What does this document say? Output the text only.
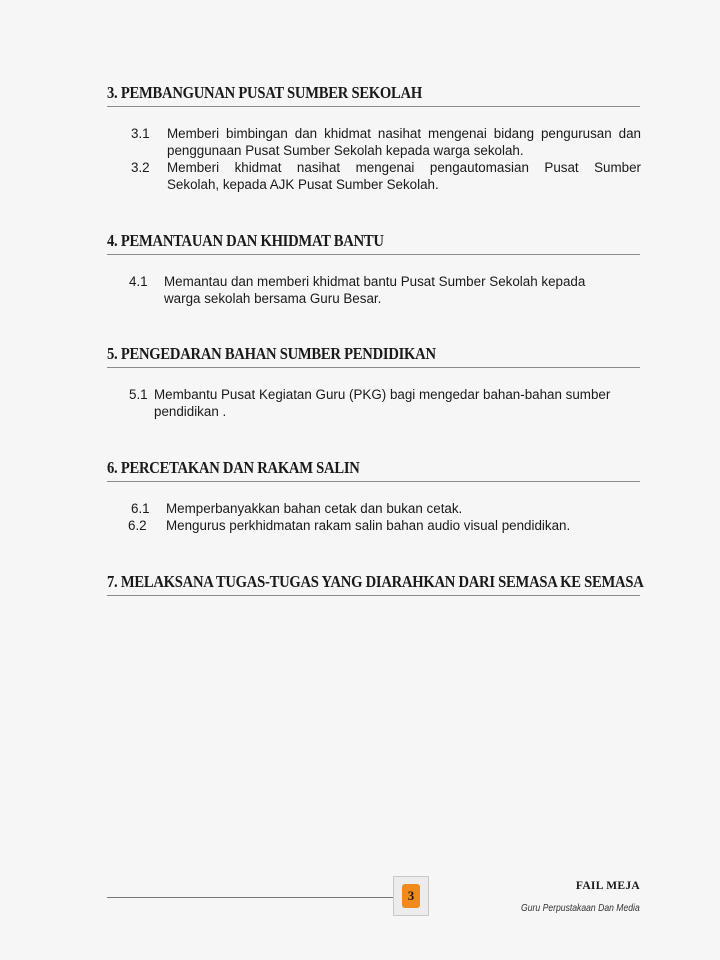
3. PEMBANGUNAN PUSAT SUMBER SEKOLAH
3.1 Memberi bimbingan dan khidmat nasihat mengenai bidang pengurusan dan
penggunaan Pusat Sumber Sekolah kepada warga sekolah.
3.2 Memberi khidmat nasihat mengenai pengautomasian Pusat Sumber
Sekolah, kepada AJK Pusat Sumber Sekolah.
4. PEMANTAUAN DAN KHIDMAT BANTU
4.1 Memantau dan memberi khidmat bantu Pusat Sumber Sekolah kepada
warga sekolah bersama Guru Besar.
5. PENGEDARAN BAHAN SUMBER PENDIDIKAN
5.1 Membantu Pusat Kegiatan Guru (PKG) bagi mengedar bahan-bahan sumber
pendidikan .
6. PERCETAKAN DAN RAKAM SALIN
6.1 Memperbanyakkan bahan cetak dan bukan cetak.
6.2 Mengurus perkhidmatan rakam salin bahan audio visual pendidikan.
7. MELAKSANA TUGAS-TUGAS YANG DIARAHKAN DARI SEMASA KE SEMASA
3
FAIL MEJA
Guru Perpustakaan Dan Media
